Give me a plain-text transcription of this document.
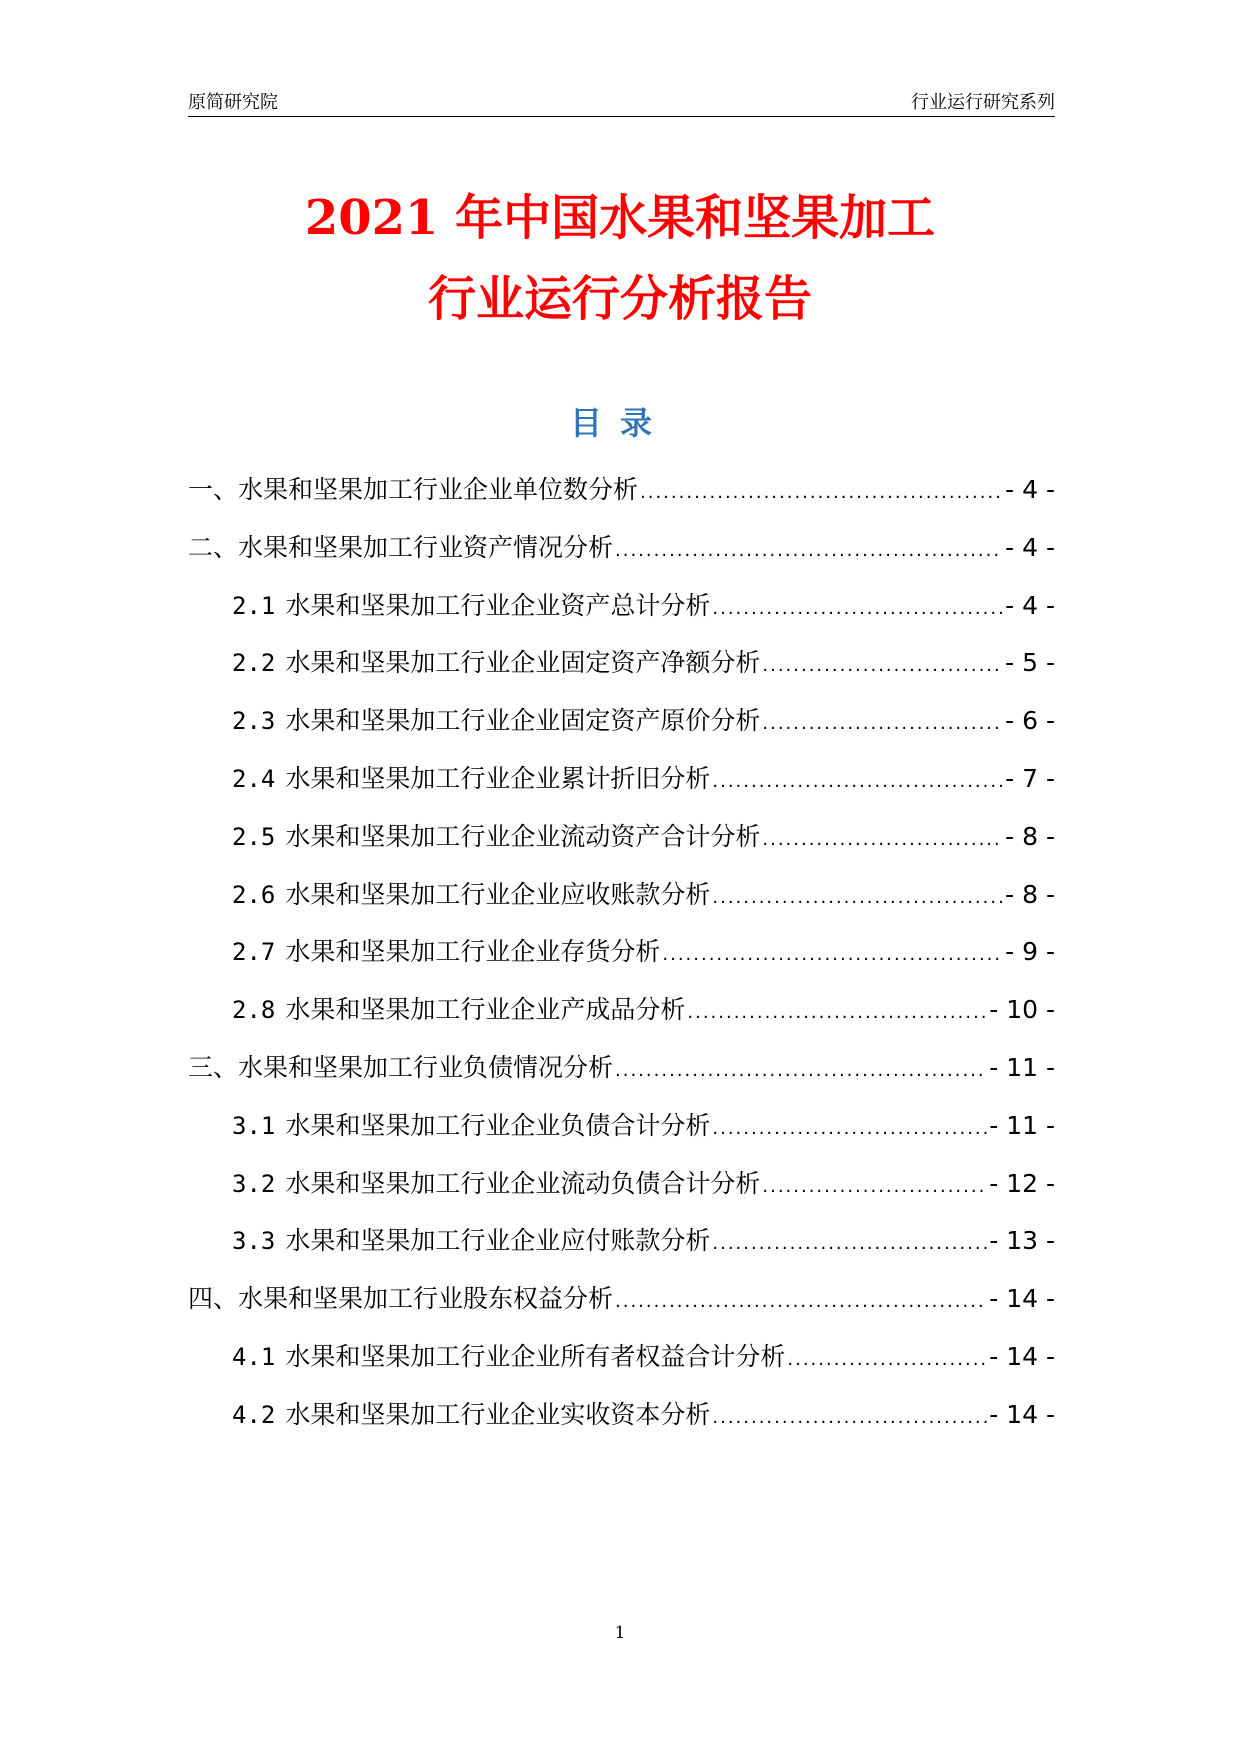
原简研究院	行业运行研究系列
2021 年中国水果和坚果加工
行业运行分析报告
目录
一、水果和坚果加工行业企业单位数分析 .....	- 4 -
二、水果和坚果加工行业资产情况分析 .....	- 4 -
2.1 水果和坚果加工行业企业资产总计分析 .....	- 4 -
2.2 水果和坚果加工行业企业固定资产净额分析 .....	- 5 -
2.3 水果和坚果加工行业企业固定资产原价分析 .....	- 6 -
2.4 水果和坚果加工行业企业累计折旧分析 .....	- 7 -
2.5 水果和坚果加工行业企业流动资产合计分析 .....	- 8 -
2.6 水果和坚果加工行业企业应收账款分析 .....	- 8 -
2.7 水果和坚果加工行业企业存货分析 .....	- 9 -
2.8 水果和坚果加工行业企业产成品分析 .....	- 10 -
三、水果和坚果加工行业负债情况分析 .....	- 11 -
3.1 水果和坚果加工行业企业负债合计分析 .....	- 11 -
3.2 水果和坚果加工行业企业流动负债合计分析 .....	- 12 -
3.3 水果和坚果加工行业企业应付账款分析 .....	- 13 -
四、水果和坚果加工行业股东权益分析 .....	- 14 -
4.1 水果和坚果加工行业企业所有者权益合计分析 .....	- 14 -
4.2 水果和坚果加工行业企业实收资本分析 .....	- 14 -
1
